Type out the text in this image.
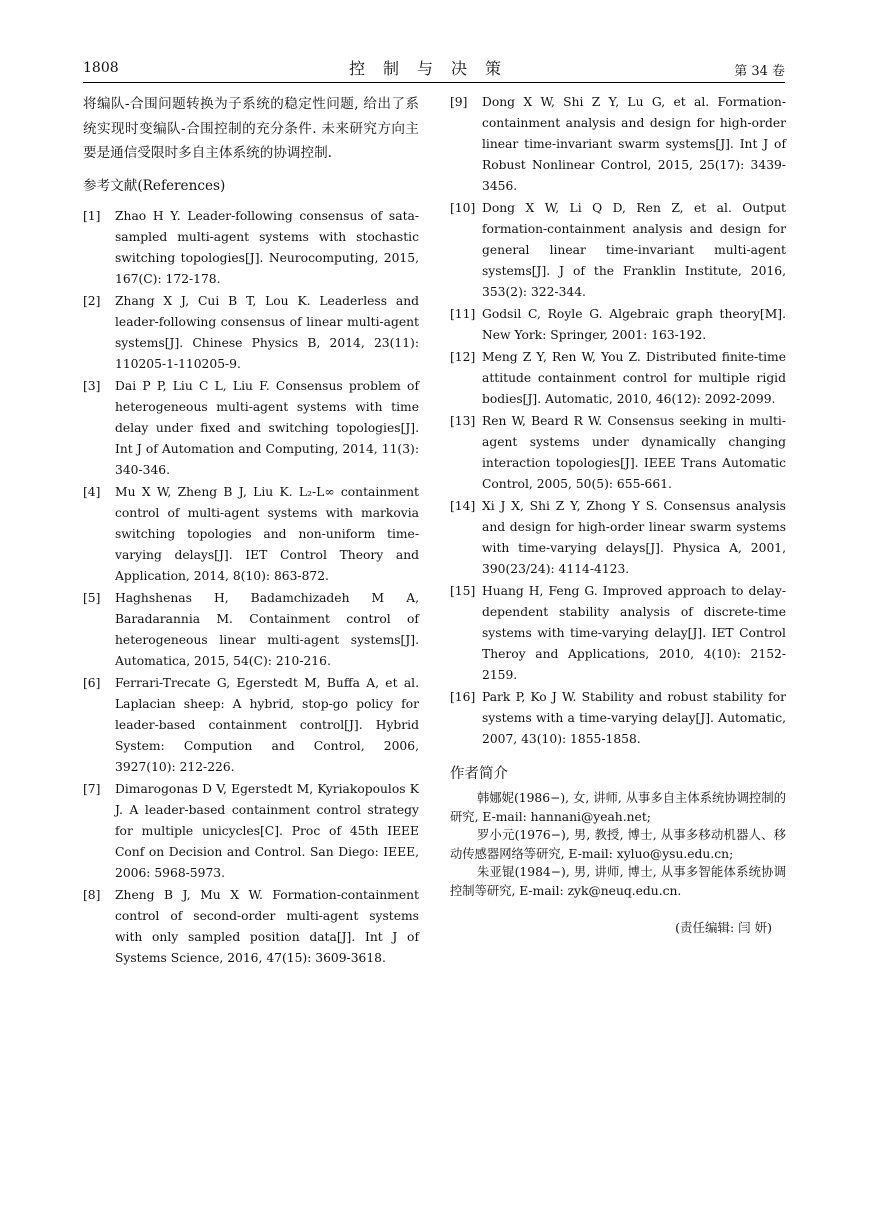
1808	控制与决策	第 34 卷

将编队-合围问题转换为子系统的稳定性问题, 给出了系统实现时变编队-合围控制的充分条件. 未来研究方向主要是通信受限时多自主体系统的协调控制.

参考文献(References)
[1]	Zhao H Y. Leader-following consensus of sata-sampled multi-agent systems with stochastic switching topologies[J]. Neurocomputing, 2015, 167(C): 172-178.
[2]	Zhang X J, Cui B T, Lou K. Leaderless and leader-following consensus of linear multi-agent systems[J]. Chinese Physics B, 2014, 23(11): 110205-1-110205-9.
[3]	Dai P P, Liu C L, Liu F. Consensus problem of heterogeneous multi-agent systems with time delay under fixed and switching topologies[J]. Int J of Automation and Computing, 2014, 11(3): 340-346.
[4]	Mu X W, Zheng B J, Liu K. L₂-L∞ containment control of multi-agent systems with markovia switching topologies and non-uniform time-varying delays[J]. IET Control Theory and Application, 2014, 8(10): 863-872.
[5]	Haghshenas H, Badamchizadeh M A, Baradarannia M. Containment control of heterogeneous linear multi-agent systems[J]. Automatica, 2015, 54(C): 210-216.
[6]	Ferrari-Trecate G, Egerstedt M, Buffa A, et al. Laplacian sheep: A hybrid, stop-go policy for leader-based containment control[J]. Hybrid System: Compution and Control, 2006, 3927(10): 212-226.
[7]	Dimarogonas D V, Egerstedt M, Kyriakopoulos K J. A leader-based containment control strategy for multiple unicycles[C]. Proc of 45th IEEE Conf on Decision and Control. San Diego: IEEE, 2006: 5968-5973.
[8]	Zheng B J, Mu X W. Formation-containment control of second-order multi-agent systems with only sampled position data[J]. Int J of Systems Science, 2016, 47(15): 3609-3618.
[9]	Dong X W, Shi Z Y, Lu G, et al. Formation-containment analysis and design for high-order linear time-invariant swarm systems[J]. Int J of Robust Nonlinear Control, 2015, 25(17): 3439-3456.
[10] Dong X W, Li Q D, Ren Z, et al. Output formation-containment analysis and design for general linear time-invariant multi-agent systems[J]. J of the Franklin Institute, 2016, 353(2): 322-344.
[11] Godsil C, Royle G. Algebraic graph theory[M]. New York: Springer, 2001: 163-192.
[12] Meng Z Y, Ren W, You Z. Distributed finite-time attitude containment control for multiple rigid bodies[J]. Automatic, 2010, 46(12): 2092-2099.
[13] Ren W, Beard R W. Consensus seeking in multi-agent systems under dynamically changing interaction topologies[J]. IEEE Trans Automatic Control, 2005, 50(5): 655-661.
[14] Xi J X, Shi Z Y, Zhong Y S. Consensus analysis and design for high-order linear swarm systems with time-varying delays[J]. Physica A, 2001, 390(23/24): 4114-4123.
[15] Huang H, Feng G. Improved approach to delay-dependent stability analysis of discrete-time systems with time-varying delay[J]. IET Control Theroy and Applications, 2010, 4(10): 2152-2159.
[16] Park P, Ko J W. Stability and robust stability for systems with a time-varying delay[J]. Automatic, 2007, 43(10): 1855-1858.
作者简介

韩娜妮(1986−), 女, 讲师, 从事多自主体系统协调控制的研究, E-mail: hannani@yeah.net;

罗小元(1976−), 男, 教授, 博士, 从事多移动机器人、移动传感器网络等研究, E-mail: xyluo@ysu.edu.cn;

朱亚锟(1984−), 男, 讲师, 博士, 从事多智能体系统协调控制等研究, E-mail: zyk@neuq.edu.cn.

(责任编辑: 闫 妍)
